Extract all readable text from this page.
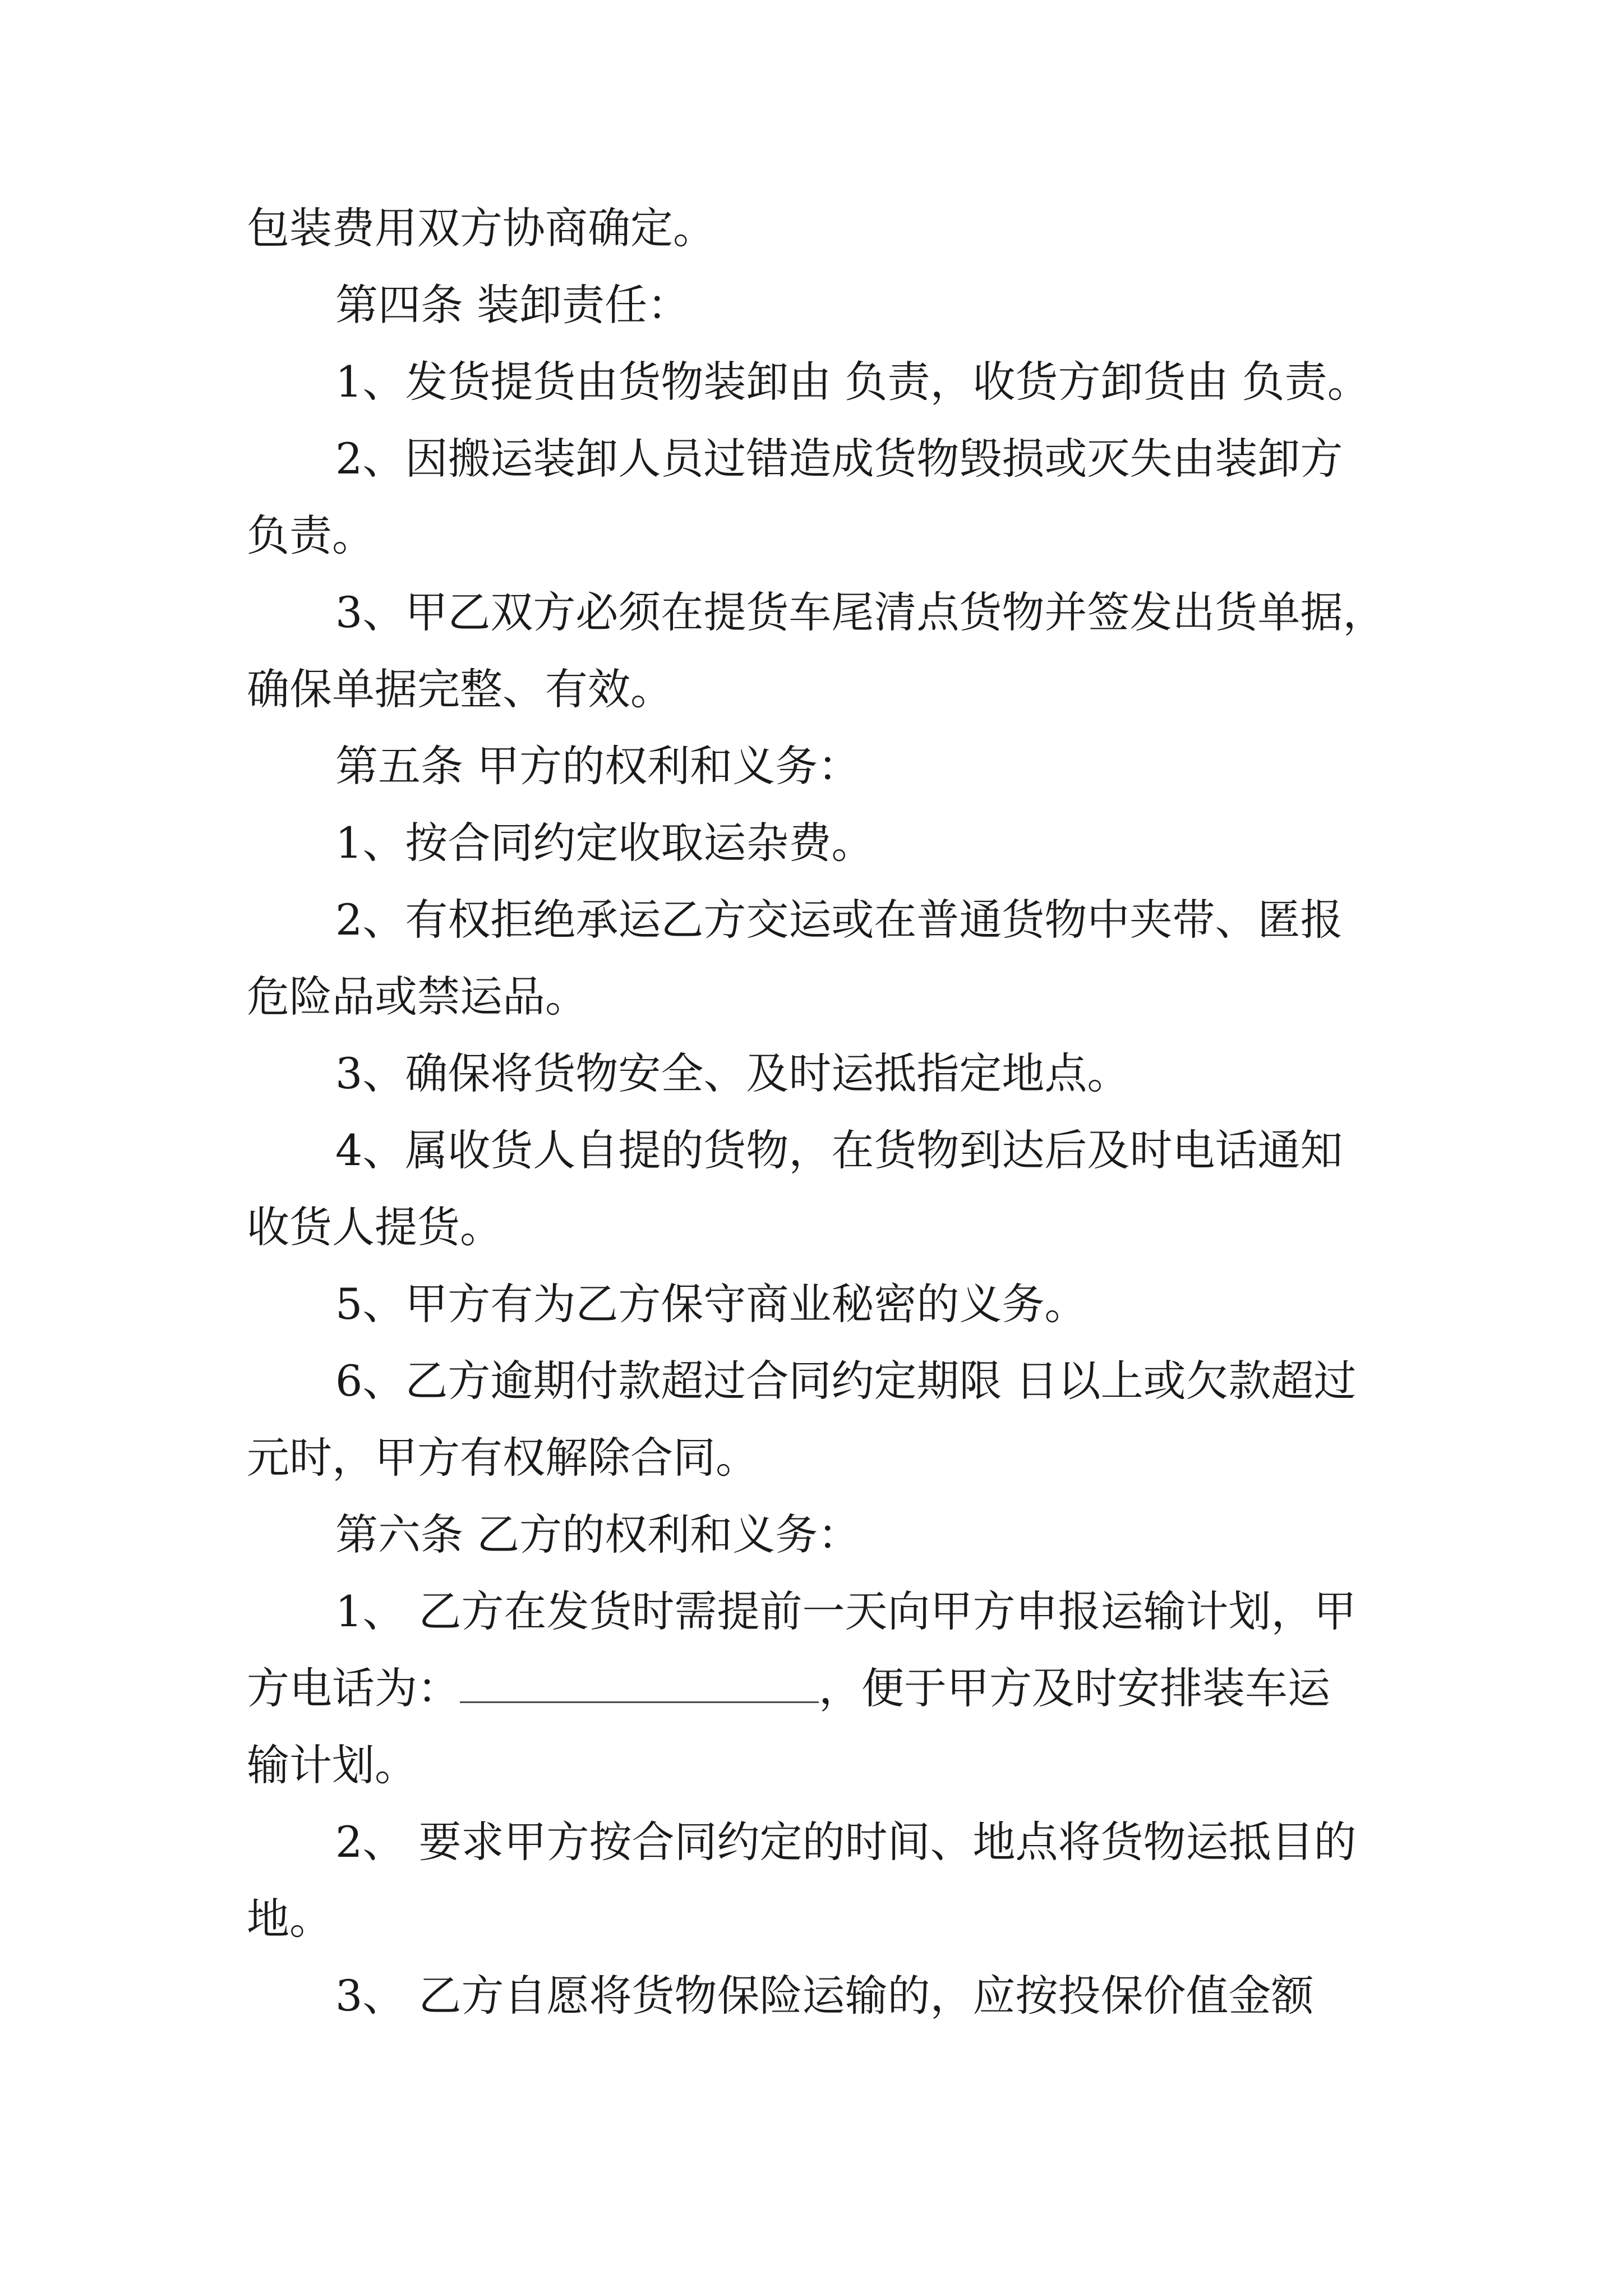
包装费用双方协商确定。

第四条 装卸责任：

1、发货提货由货物装卸由 负责，收货方卸货由 负责。

2、因搬运装卸人员过错造成货物毁损或灭失由装卸方

负责。

3、甲乙双方必须在提货车尾清点货物并签发出货单据，

确保单据完整、有效。

第五条 甲方的权利和义务：

1、按合同约定收取运杂费。

2、有权拒绝承运乙方交运或在普通货物中夹带、匿报

危险品或禁运品。

3、确保将货物安全、及时运抵指定地点。

4、属收货人自提的货物，在货物到达后及时电话通知

收货人提货。

5、甲方有为乙方保守商业秘密的义务。

6、乙方逾期付款超过合同约定期限 日以上或欠款超过

元时，甲方有权解除合同。

第六条 乙方的权利和义务：

1、 乙方在发货时需提前一天向甲方申报运输计划，甲

方电话为：	，便于甲方及时安排装车运

输计划。

2、 要求甲方按合同约定的时间、地点将货物运抵目的

地。

3、 乙方自愿将货物保险运输的，应按投保价值金额
